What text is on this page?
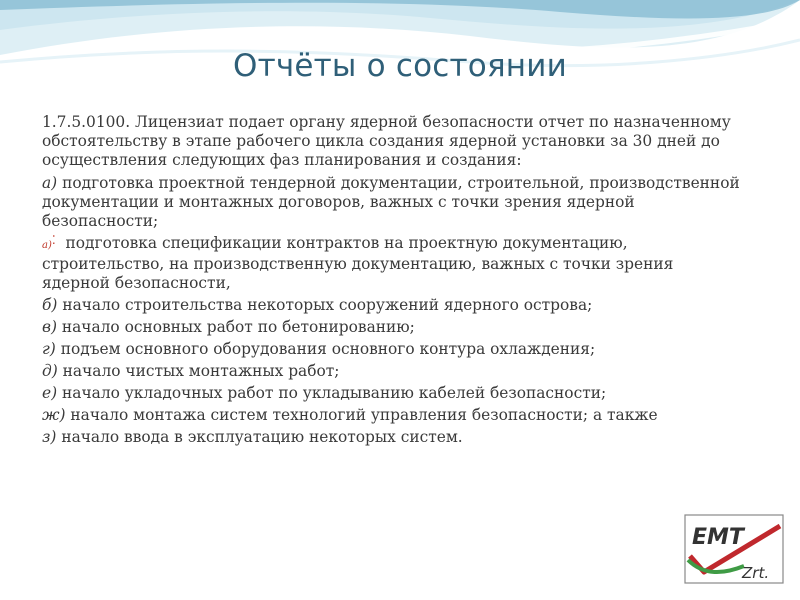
Отчёты о состоянии

1.7.5.0100. Лицензиат подает органу ядерной безопасности отчет по назначенному обстоятельству в этапе рабочего цикла создания ядерной установки за 30 дней до осуществления следующих фаз планирования и создания:

а) подготовка проектной тендерной документации, строительной, производственной документации и монтажных договоров, важных с точки зрения ядерной безопасности;

а)⁚ подготовка спецификации контрактов на проектную документацию, строительство, на производственную документацию, важных с точки зрения ядерной безопасности,

б) начало строительства некоторых сооружений ядерного острова;

в) начало основных работ по бетонированию;

г) подъем основного оборудования основного контура охлаждения;

д) начало чистых монтажных работ;

е) начало укладочных работ по укладыванию кабелей безопасности;

ж) начало монтажа систем технологий управления безопасности; а также

з) начало ввода в эксплуатацию некоторых систем.

EMT
Zrt.
